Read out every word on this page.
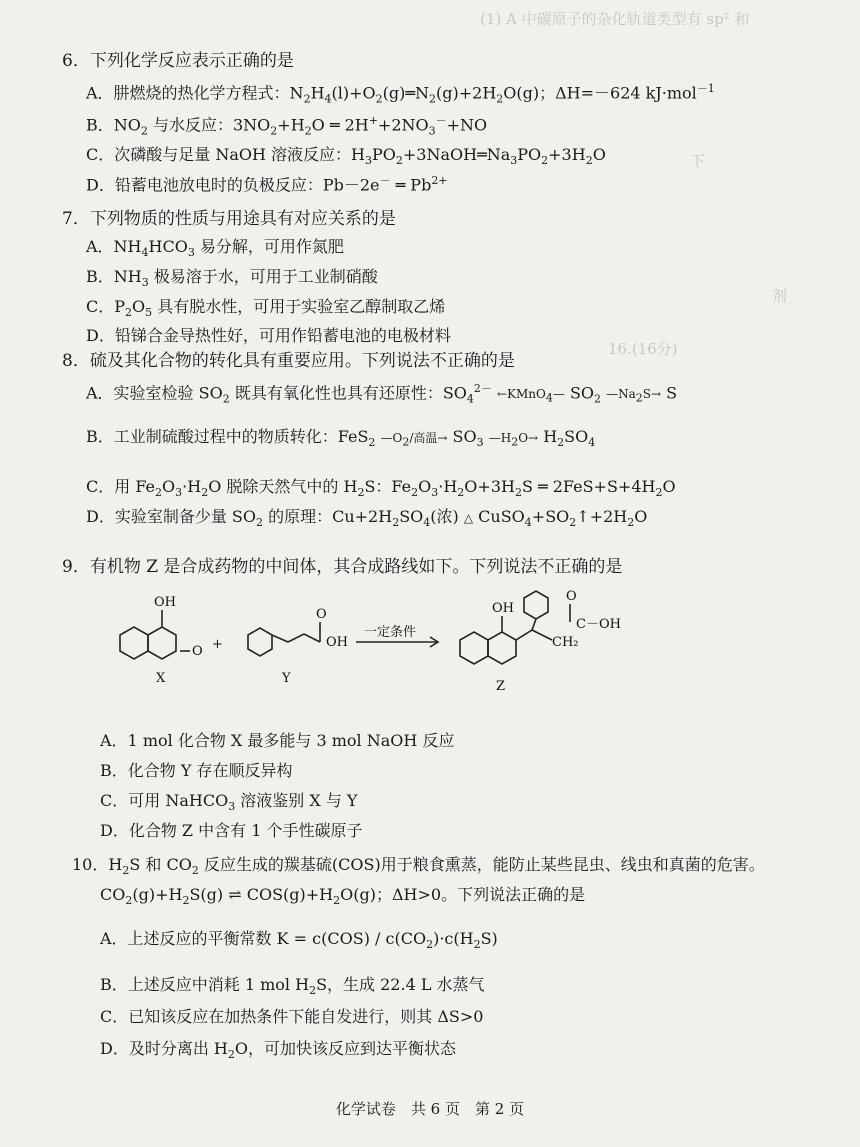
(1) A 中碳原子的杂化轨道类型有 sp² 和
下
剂
16.(16分)
6．下列化学反应表示正确的是
A．肼燃烧的热化学方程式：$N_2H_4(l)+O_2(g)═N_2(g)+2H_2O(g)$；ΔH=－624 kJ·mol$^{-1}$
B．$NO_2$ 与水反应：$3NO_2+H_2O$ ═ $2H^++2NO_3^-+NO$
C．次磷酸与足量 NaOH 溶液反应：$H_3PO_2+3NaOH═Na_3PO_2+3H_2O$
D．铅蓄电池放电时的负极反应：Pb－2e－ ═ $Pb^{2+}$
7．下列物质的性质与用途具有对应关系的是
A．$NH_4HCO_3$ 易分解，可用作氮肥
B．$NH_3$ 极易溶于水，可用于工业制硝酸
C．$P_2O_5$ 具有脱水性，可用于实验室乙醇制取乙烯
D．铅锑合金导热性好，可用作铅蓄电池的电极材料
8．硫及其化合物的转化具有重要应用。下列说法不正确的是
A．实验室检验 $SO_2$ 既具有氧化性也具有还原性：$SO_4^{2-}$ ←KMnO$_4$— $SO_2$ $—Na_2S\to S$
B．工业制硫酸过程中的物质转化：FeS$_2$ $—O_2/$高温→ $SO_3$ $—H_2O\to H_2SO_4$
C．用 $Fe_2O_3\cdot H_2O$ 脱除天然气中的 $H_2S$：$Fe_2O_3\cdot H_2O+3H_2S$ ═ $2FeS+S+4H_2O$
D．实验室制备少量 $SO_2$ 的原理：$Cu+2H_2SO_4$(浓) △ $CuSO_4+SO_2↑+2H_2O$
9．有机物 Z 是合成药物的中间体，其合成路线如下。下列说法不正确的是
OH
O
X
+
O
OH
Y
一定条件
OH
CH₂
O
C－OH
Z
A．1 mol 化合物 X 最多能与 3 mol NaOH 反应
B．化合物 Y 存在顺反异构
C．可用 NaHCO$_3$ 溶液鉴别 X 与 Y
D．化合物 Z 中含有 1 个手性碳原子
10．$H_2S$ 和 $CO_2$ 反应生成的羰基硫(COS)用于粮食熏蒸，能防止某些昆虫、线虫和真菌的危害。
$CO_2(g)+H_2S(g)$ ⇌ $COS(g)+H_2O(g)$；ΔH>0。下列说法正确的是
A．上述反应的平衡常数 $K = c(COS) / c(CO_2)\cdot c(H_2S)$
B．上述反应中消耗 1 mol $H_2S$，生成 22.4 L 水蒸气
C．已知该反应在加热条件下能自发进行，则其 ΔS>0
D．及时分离出 $H_2O$，可加快该反应到达平衡状态
化学试卷　共 6 页　第 2 页
